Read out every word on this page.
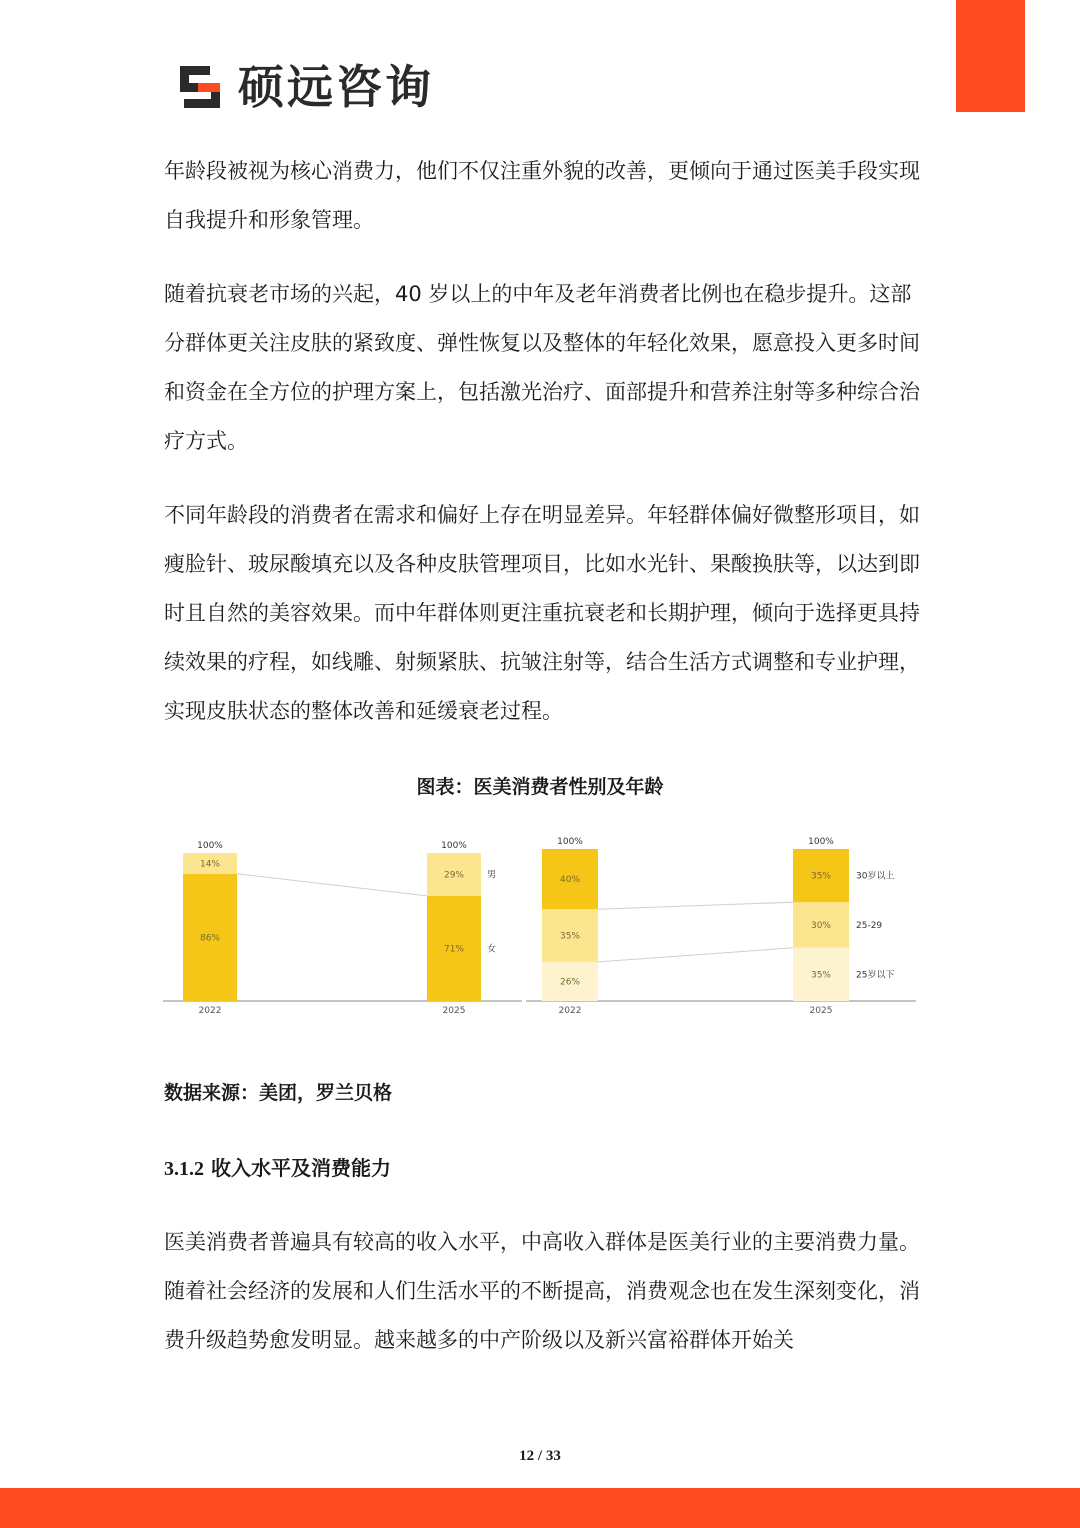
硕远咨询

年龄段被视为核心消费力，他们不仅注重外貌的改善，更倾向于通过医美手段实现自我提升和形象管理。

随着抗衰老市场的兴起，40 岁以上的中年及老年消费者比例也在稳步提升。这部分群体更关注皮肤的紧致度、弹性恢复以及整体的年轻化效果，愿意投入更多时间和资金在全方位的护理方案上，包括激光治疗、面部提升和营养注射等多种综合治疗方式。

不同年龄段的消费者在需求和偏好上存在明显差异。年轻群体偏好微整形项目，如瘦脸针、玻尿酸填充以及各种皮肤管理项目，比如水光针、果酸换肤等，以达到即时且自然的美容效果。而中年群体则更注重抗衰老和长期护理，倾向于选择更具持续效果的疗程，如线雕、射频紧肤、抗皱注射等，结合生活方式调整和专业护理，实现皮肤状态的整体改善和延缓衰老过程。

图表：医美消费者性别及年龄

86%
14%
100%
2022
71%
29%
100%
2025
女
男
26%
35%
40%
100%
2022
35%
30%
35%
100%
2025
25岁以下
25-29
30岁以上

数据来源：美团，罗兰贝格

3.1.2 收入水平及消费能力

医美消费者普遍具有较高的收入水平，中高收入群体是医美行业的主要消费力量。随着社会经济的发展和人们生活水平的不断提高，消费观念也在发生深刻变化，消费升级趋势愈发明显。越来越多的中产阶级以及新兴富裕群体开始关

12 / 33
